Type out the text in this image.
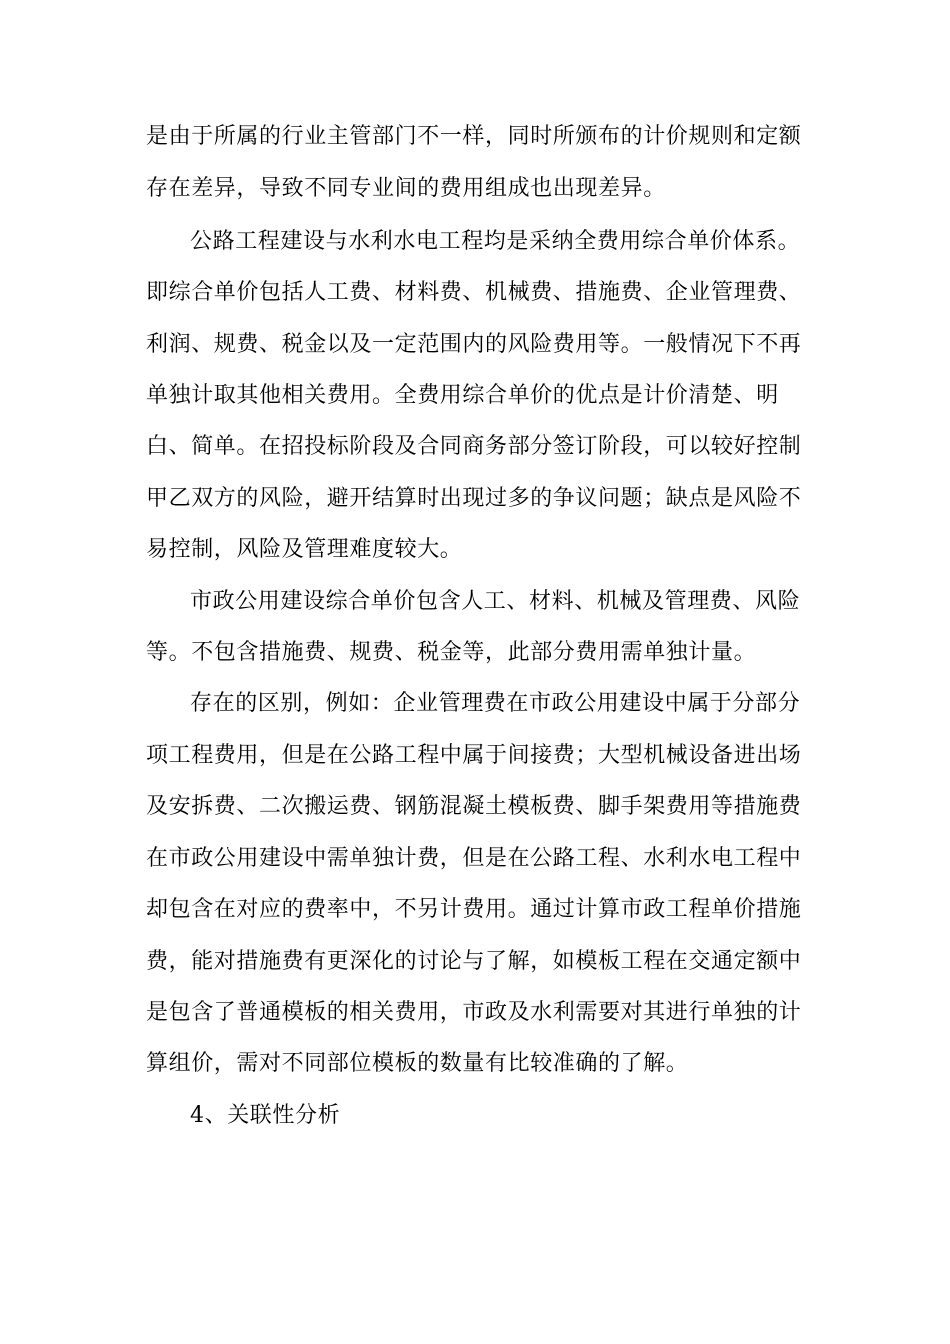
是由于所属的行业主管部门不一样，同时所颁布的计价规则和定额
存在差异，导致不同专业间的费用组成也出现差异。
公路工程建设与水利水电工程均是采纳全费用综合单价体系。
即综合单价包括人工费、材料费、机械费、措施费、企业管理费、
利润、规费、税金以及一定范围内的风险费用等。一般情况下不再
单独计取其他相关费用。全费用综合单价的优点是计价清楚、明
白、简单。在招投标阶段及合同商务部分签订阶段，可以较好控制
甲乙双方的风险，避开结算时出现过多的争议问题；缺点是风险不
易控制，风险及管理难度较大。
市政公用建设综合单价包含人工、材料、机械及管理费、风险
等。不包含措施费、规费、税金等，此部分费用需单独计量。
存在的区别，例如：企业管理费在市政公用建设中属于分部分
项工程费用，但是在公路工程中属于间接费；大型机械设备进出场
及安拆费、二次搬运费、钢筋混凝土模板费、脚手架费用等措施费
在市政公用建设中需单独计费，但是在公路工程、水利水电工程中
却包含在对应的费率中，不另计费用。通过计算市政工程单价措施
费，能对措施费有更深化的讨论与了解，如模板工程在交通定额中
是包含了普通模板的相关费用，市政及水利需要对其进行单独的计
算组价，需对不同部位模板的数量有比较准确的了解。
4、关联性分析
